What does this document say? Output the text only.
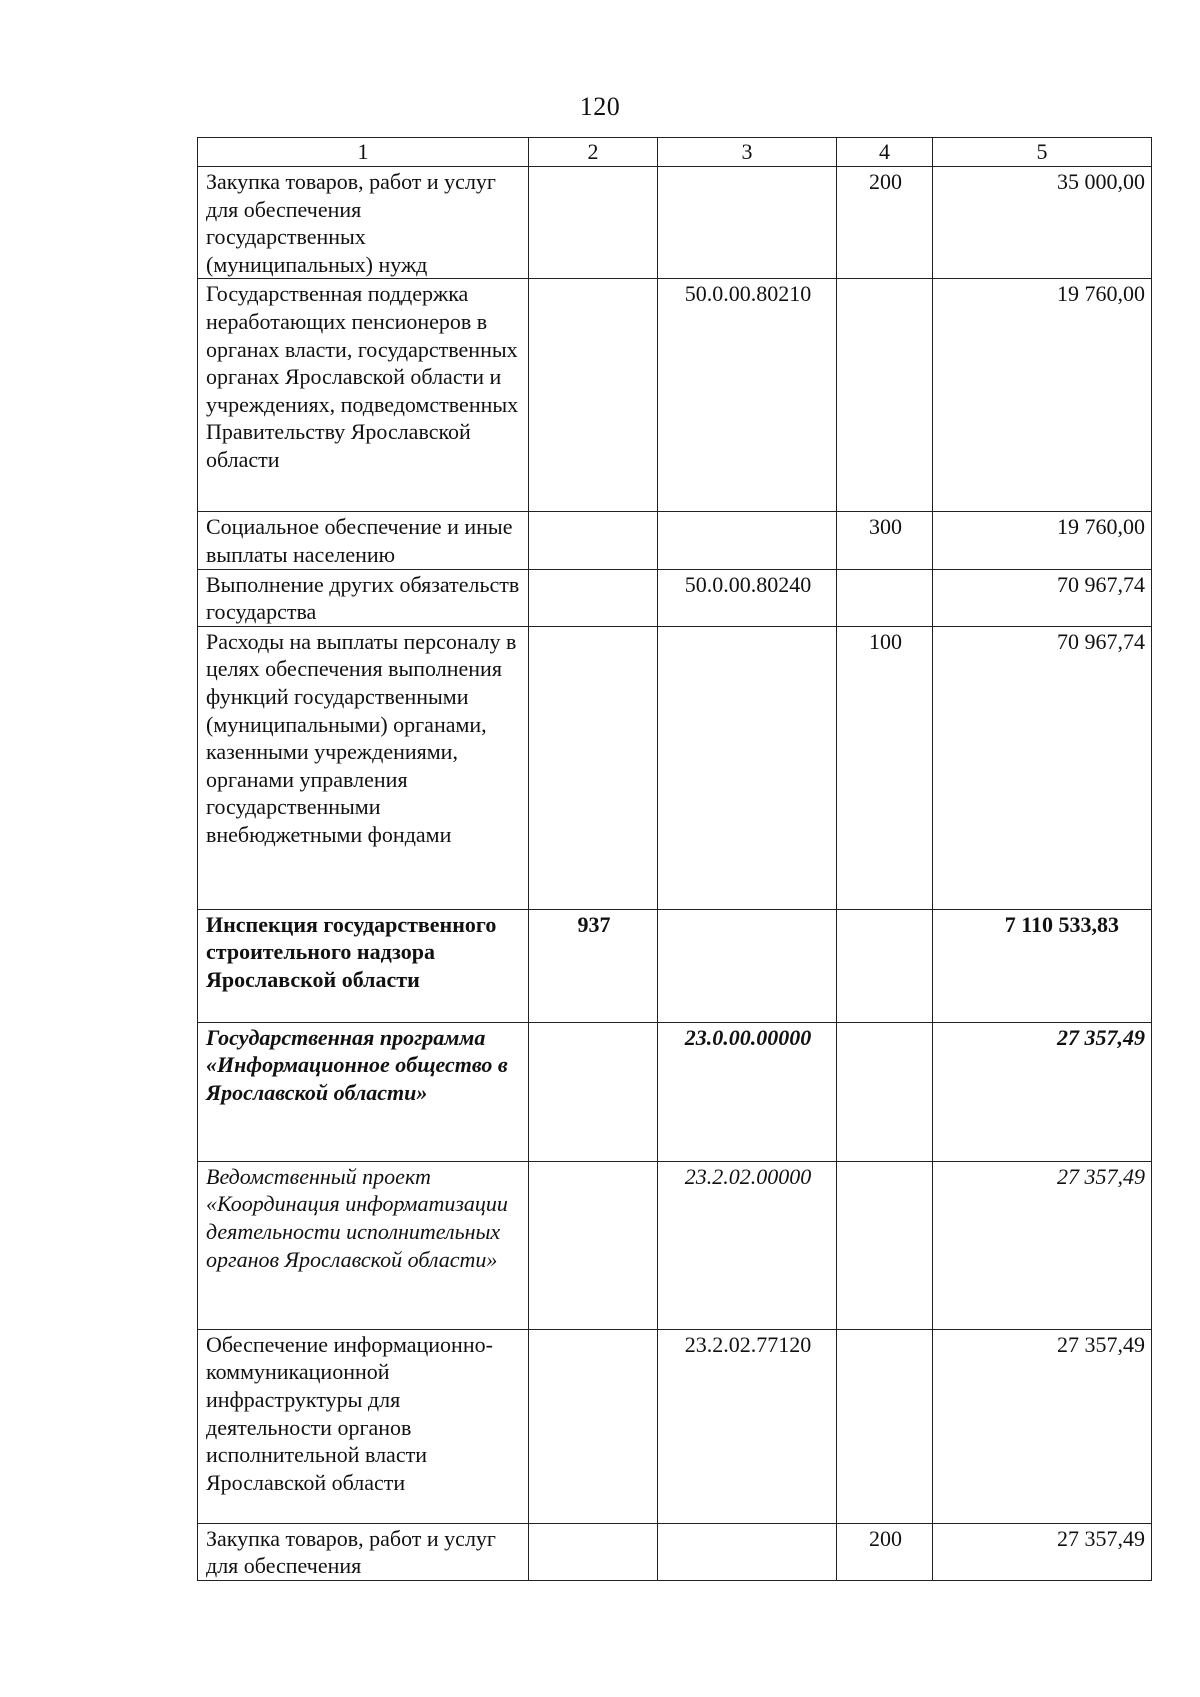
120
1	2	3	4	5
Закупка товаров, работ и услуг для обеспечения государственных (муниципальных) нужд			200	35 000,00
Государственная поддержка неработающих пенсионеров в органах власти, государственных органах Ярославской области и учреждениях, подведомственных Правительству Ярославской области		50.0.00.80210		19 760,00
Социальное обеспечение и иные выплаты населению			300	19 760,00
Выполнение других обязательств государства		50.0.00.80240		70 967,74
Расходы на выплаты персоналу в целях обеспечения выполнения функций государственными (муниципальными) органами, казенными учреждениями, органами управления государственными внебюджетными фондами			100	70 967,74
Инспекция государственного строительного надзора Ярославской области	937			7 110 533,83
Государственная программа «Информационное общество в Ярославской области»		23.0.00.00000		27 357,49
Ведомственный проект «Координация информатизации деятельности исполнительных органов Ярославской области»		23.2.02.00000		27 357,49
Обеспечение информационно-коммуникационной инфраструктуры для деятельности органов исполнительной власти Ярославской области		23.2.02.77120		27 357,49
Закупка товаров, работ и услуг для обеспечения			200	27 357,49
